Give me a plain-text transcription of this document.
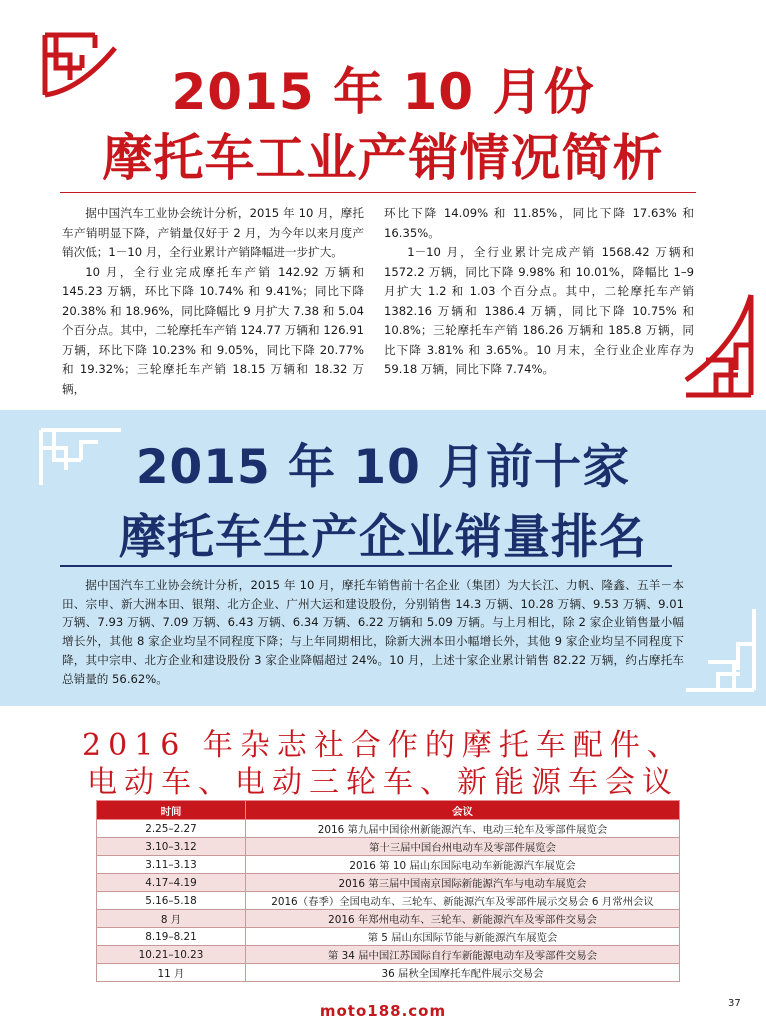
2015 年 10 月份
摩托车工业产销情况简析

据中国汽车工业协会统计分析，2015 年 10 月，摩托车产销明显下降，产销量仅好于 2 月，为今年以来月度产销次低；1－10 月，全行业累计产销降幅进一步扩大。

10 月，全行业完成摩托车产销 142.92 万辆和 145.23 万辆，环比下降 10.74% 和 9.41%；同比下降 20.38% 和 18.96%，同比降幅比 9 月扩大 7.38 和 5.04 个百分点。其中，二轮摩托车产销 124.77 万辆和 126.91 万辆，环比下降 10.23% 和 9.05%，同比下降 20.77% 和 19.32%；三轮摩托车产销 18.15 万辆和 18.32 万辆，

环比下降 14.09% 和 11.85%，同比下降 17.63% 和 16.35%。

1－10 月，全行业累计完成产销 1568.42 万辆和 1572.2 万辆，同比下降 9.98% 和 10.01%，降幅比 1–9 月扩大 1.2 和 1.03 个百分点。其中，二轮摩托车产销 1382.16 万辆和 1386.4 万辆，同比下降 10.75% 和 10.8%；三轮摩托车产销 186.26 万辆和 185.8 万辆，同比下降 3.81% 和 3.65%。10 月末，全行业企业库存为 59.18 万辆，同比下降 7.74%。

2015 年 10 月前十家
摩托车生产企业销量排名
据中国汽车工业协会统计分析，2015 年 10 月，摩托车销售前十名企业（集团）为大长江、力帆、隆鑫、五羊－本田、宗申、新大洲本田、银翔、北方企业、广州大运和建设股份，分别销售 14.3 万辆、10.28 万辆、9.53 万辆、9.01 万辆、7.93 万辆、7.09 万辆、6.43 万辆、6.34 万辆、6.22 万辆和 5.09 万辆。与上月相比，除 2 家企业销售量小幅增长外，其他 8 家企业均呈不同程度下降；与上年同期相比，除新大洲本田小幅增长外，其他 9 家企业均呈不同程度下降，其中宗申、北方企业和建设股份 3 家企业降幅超过 24%。10 月，上述十家企业累计销售 82.22 万辆，约占摩托车总销量的 56.62%。
2016 年杂志社合作的摩托车配件、
电动车、电动三轮车、新能源车会议
时间	会议
2.25–2.27	2016 第九届中国徐州新能源汽车、电动三轮车及零部件展览会
3.10–3.12	第十三届中国台州电动车及零部件展览会
3.11–3.13	2016 第 10 届山东国际电动车新能源汽车展览会
4.17–4.19	2016 第三届中国南京国际新能源汽车与电动车展览会
5.16–5.18	2016（春季）全国电动车、三轮车、新能源汽车及零部件展示交易会 6 月常州会议
8 月	2016 年郑州电动车、三轮车、新能源汽车及零部件交易会
8.19–8.21	第 5 届山东国际节能与新能源汽车展览会
10.21–10.23	第 34 届中国江苏国际自行车新能源电动车及零部件交易会
11 月	36 届秋全国摩托车配件展示交易会
moto188.com	37
